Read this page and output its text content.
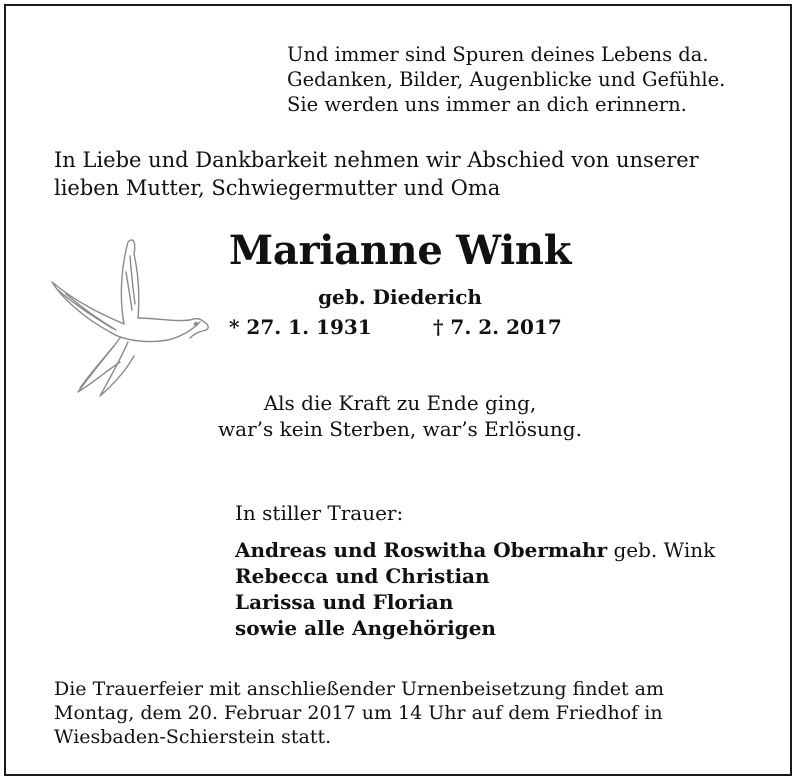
Und immer sind Spuren deines Lebens da.
Gedanken, Bilder, Augenblicke und Gefühle.
Sie werden uns immer an dich erinnern.
In Liebe und Dankbarkeit nehmen wir Abschied von unserer
lieben Mutter, Schwiegermutter und Oma
Marianne Wink
geb. Diederich
* 27. 1. 1931	† 7. 2. 2017
Als die Kraft zu Ende ging,
war’s kein Sterben, war’s Erlösung.
In stiller Trauer:
Andreas und Roswitha Obermahr geb. Wink
Rebecca und Christian
Larissa und Florian
sowie alle Angehörigen
Die Trauerfeier mit anschließender Urnenbeisetzung findet am
Montag, dem 20. Februar 2017 um 14 Uhr auf dem Friedhof in
Wiesbaden-Schierstein statt.
